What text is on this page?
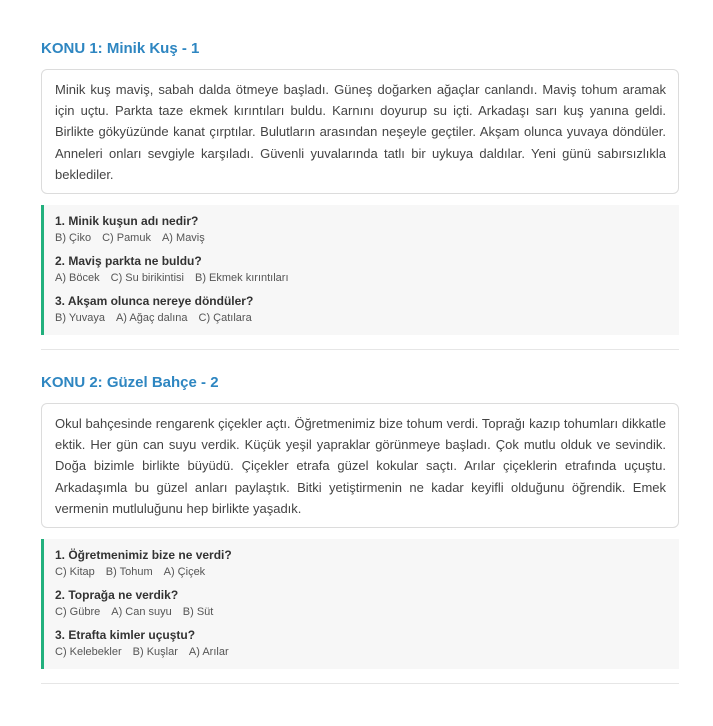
KONU 1: Minik Kuş - 1

Minik kuş maviş, sabah dalda ötmeye başladı. Güneş doğarken ağaçlar canlandı. Maviş tohum aramak için uçtu. Parkta taze ekmek kırıntıları buldu. Karnını doyurup su içti. Arkadaşı sarı kuş yanına geldi. Birlikte gökyüzünde kanat çırptılar. Bulutların arasından neşeyle geçtiler. Akşam olunca yuvaya döndüler. Anneleri onları sevgiyle karşıladı. Güvenli yuvalarında tatlı bir uykuya daldılar. Yeni günü sabırsızlıkla beklediler.

1. Minik kuşun adı nedir?
B) Çiko C) Pamuk A) Maviş
2. Maviş parkta ne buldu?
A) Böcek C) Su birikintisi B) Ekmek kırıntıları
3. Akşam olunca nereye döndüler?
B) Yuvaya A) Ağaç dalına C) Çatılara
KONU 2: Güzel Bahçe - 2

Okul bahçesinde rengarenk çiçekler açtı. Öğretmenimiz bize tohum verdi. Toprağı kazıp tohumları dikkatle ektik. Her gün can suyu verdik. Küçük yeşil yapraklar görünmeye başladı. Çok mutlu olduk ve sevindik. Doğa bizimle birlikte büyüdü. Çiçekler etrafa güzel kokular saçtı. Arılar çiçeklerin etrafında uçuştu. Arkadaşımla bu güzel anları paylaştık. Bitki yetiştirmenin ne kadar keyifli olduğunu öğrendik. Emek vermenin mutluluğunu hep birlikte yaşadık.

1. Öğretmenimiz bize ne verdi?
C) Kitap B) Tohum A) Çiçek
2. Toprağa ne verdik?
C) Gübre A) Can suyu B) Süt
3. Etrafta kimler uçuştu?
C) Kelebekler B) Kuşlar A) Arılar
